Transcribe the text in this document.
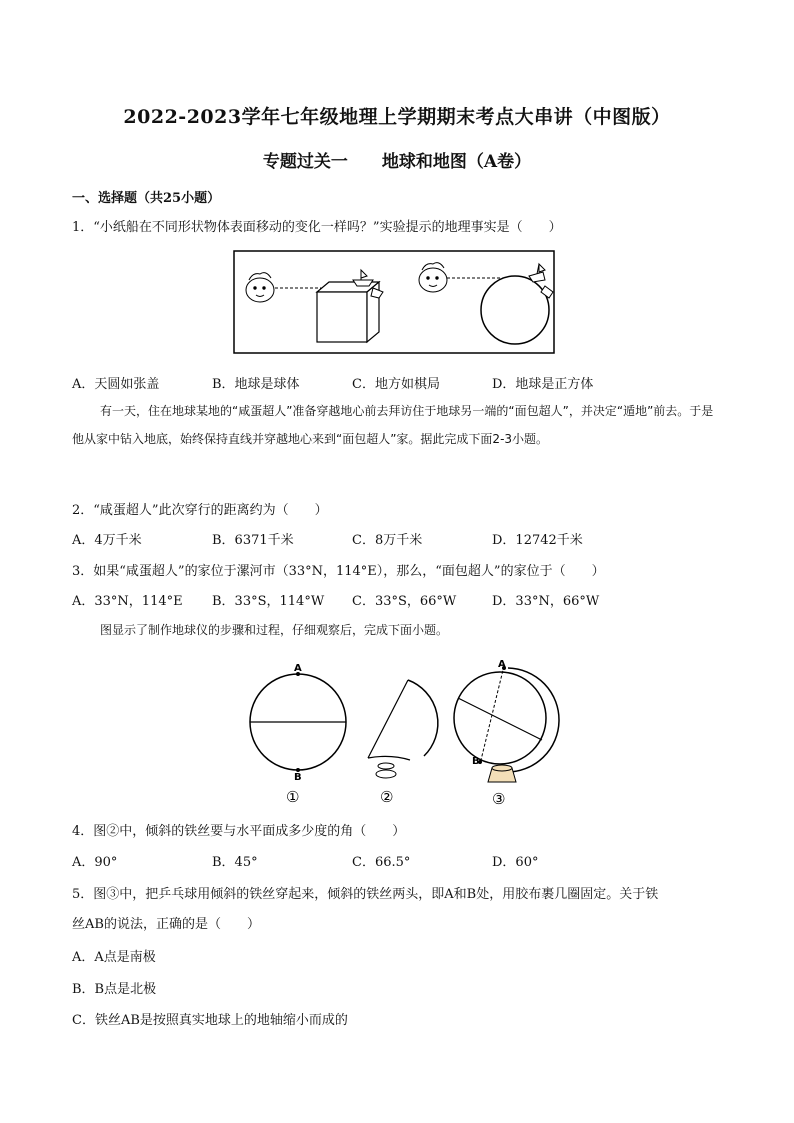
2022-2023学年七年级地理上学期期末考点大串讲（中图版）
专题过关一　　地球和地图（A卷）
一、选择题（共25小题）
1．“小纸船在不同形状物体表面移动的变化一样吗？”实验提示的地理事实是（　　）
A．天圆如张盖	B．地球是球体	C．地方如棋局	D．地球是正方体
有一天，住在地球某地的“咸蛋超人”准备穿越地心前去拜访住于地球另一端的“面包超人”，并决定“遁地”前去。于是他从家中钻入地底，始终保持直线并穿越地心来到“面包超人”家。据此完成下面2-3小题。
2．“咸蛋超人”此次穿行的距离约为（　　）
A．4万千米	B．6371千米	C．8万千米	D．12742千米
3．如果“咸蛋超人”的家位于漯河市（33°N，114°E），那么，“面包超人”的家位于（　　）
A．33°N，114°E B．33°S，114°W C．33°S，66°W	D．33°N，66°W
图显示了制作地球仪的步骤和过程，仔细观察后，完成下面小题。
A
B
①	②
A
B
③
4．图②中，倾斜的铁丝要与水平面成多少度的角（　　）
A．90°	B．45°	C．66.5°	D．60°
5．图③中，把乒乓球用倾斜的铁丝穿起来，倾斜的铁丝两头，即A和B处，用胶布裹几圈固定。关于铁
丝AB的说法，正确的是（　　）
A．A点是南极
B．B点是北极
C．铁丝AB是按照真实地球上的地轴缩小而成的
